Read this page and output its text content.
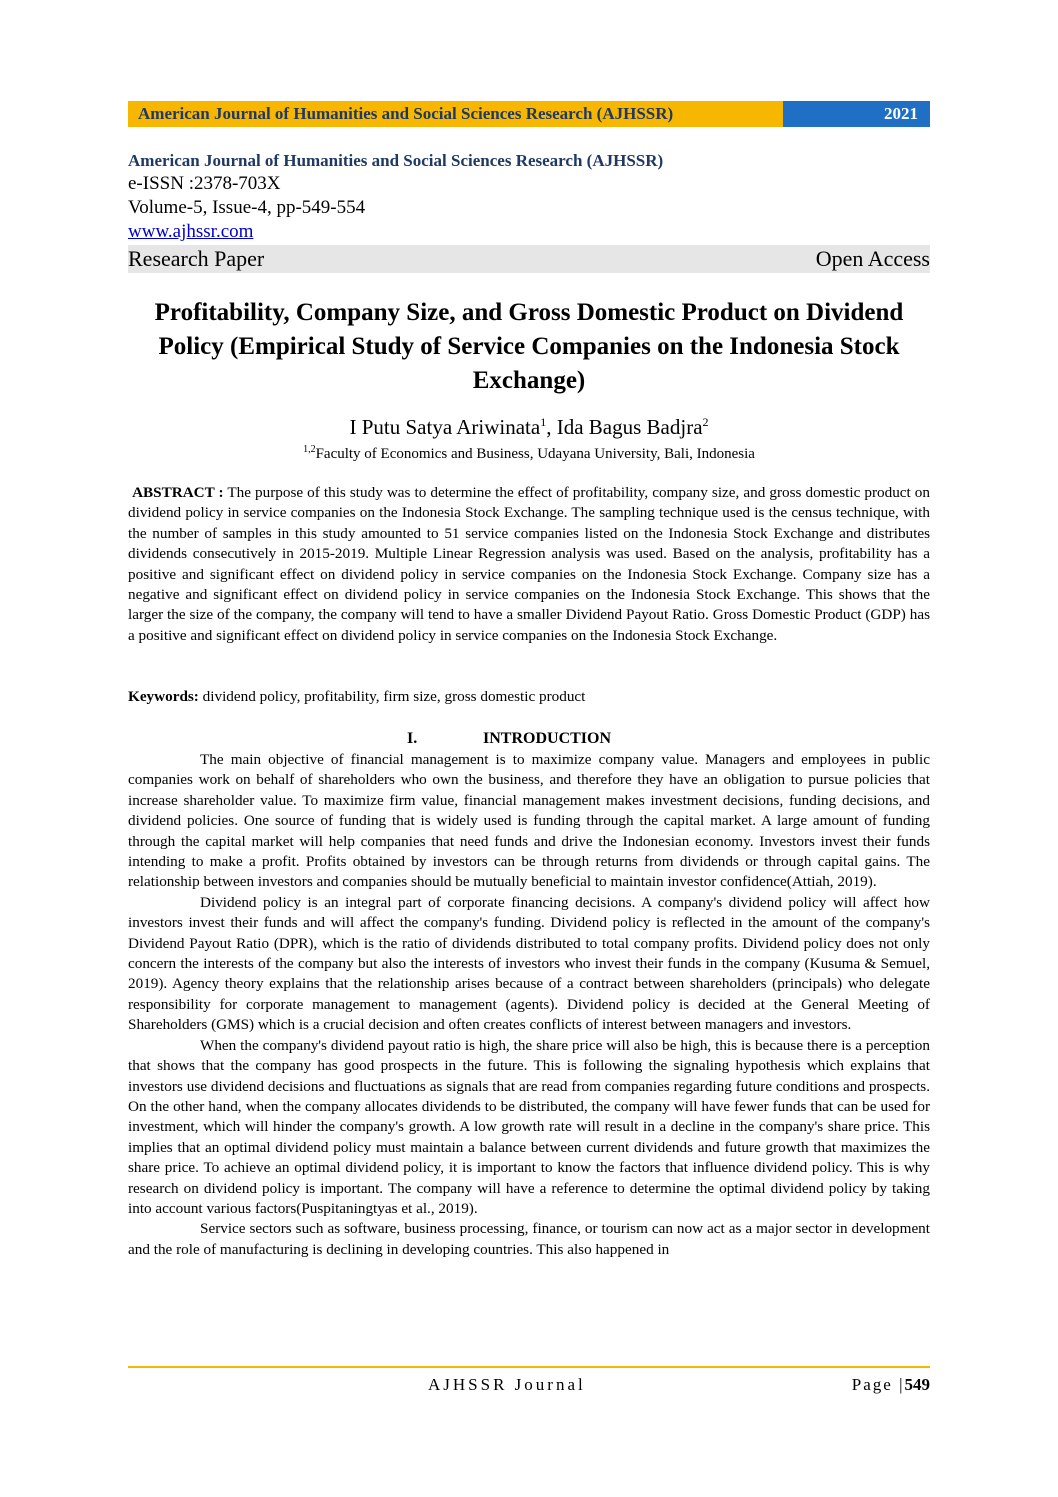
American Journal of Humanities and Social Sciences Research (AJHSSR)	2021
American Journal of Humanities and Social Sciences Research (AJHSSR)
e-ISSN :2378-703X
Volume-5, Issue-4, pp-549-554
www.ajhssr.com
Research Paper	Open Access
Profitability, Company Size, and Gross Domestic Product on Dividend Policy (Empirical Study of Service Companies on the Indonesia Stock Exchange)
I Putu Satya Ariwinata$^1$, Ida Bagus Badjra$^2$
$^{1,2}$Faculty of Economics and Business, Udayana University, Bali, Indonesia
ABSTRACT : The purpose of this study was to determine the effect of profitability, company size, and gross domestic product on dividend policy in service companies on the Indonesia Stock Exchange. The sampling technique used is the census technique, with the number of samples in this study amounted to 51 service companies listed on the Indonesia Stock Exchange and distributes dividends consecutively in 2015-2019. Multiple Linear Regression analysis was used. Based on the analysis, profitability has a positive and significant effect on dividend policy in service companies on the Indonesia Stock Exchange. Company size has a negative and significant effect on dividend policy in service companies on the Indonesia Stock Exchange. This shows that the larger the size of the company, the company will tend to have a smaller Dividend Payout Ratio. Gross Domestic Product (GDP) has a positive and significant effect on dividend policy in service companies on the Indonesia Stock Exchange.
Keywords: dividend policy, profitability, firm size, gross domestic product
I.	INTRODUCTION

The main objective of financial management is to maximize company value. Managers and employees in public companies work on behalf of shareholders who own the business, and therefore they have an obligation to pursue policies that increase shareholder value. To maximize firm value, financial management makes investment decisions, funding decisions, and dividend policies. One source of funding that is widely used is funding through the capital market. A large amount of funding through the capital market will help companies that need funds and drive the Indonesian economy. Investors invest their funds intending to make a profit. Profits obtained by investors can be through returns from dividends or through capital gains. The relationship between investors and companies should be mutually beneficial to maintain investor confidence(Attiah, 2019).

Dividend policy is an integral part of corporate financing decisions. A company's dividend policy will affect how investors invest their funds and will affect the company's funding. Dividend policy is reflected in the amount of the company's Dividend Payout Ratio (DPR), which is the ratio of dividends distributed to total company profits. Dividend policy does not only concern the interests of the company but also the interests of investors who invest their funds in the company (Kusuma & Semuel, 2019). Agency theory explains that the relationship arises because of a contract between shareholders (principals) who delegate responsibility for corporate management to management (agents). Dividend policy is decided at the General Meeting of Shareholders (GMS) which is a crucial decision and often creates conflicts of interest between managers and investors.

When the company's dividend payout ratio is high, the share price will also be high, this is because there is a perception that shows that the company has good prospects in the future. This is following the signaling hypothesis which explains that investors use dividend decisions and fluctuations as signals that are read from companies regarding future conditions and prospects. On the other hand, when the company allocates dividends to be distributed, the company will have fewer funds that can be used for investment, which will hinder the company's growth. A low growth rate will result in a decline in the company's share price. This implies that an optimal dividend policy must maintain a balance between current dividends and future growth that maximizes the share price. To achieve an optimal dividend policy, it is important to know the factors that influence dividend policy. This is why research on dividend policy is important. The company will have a reference to determine the optimal dividend policy by taking into account various factors(Puspitaningtyas et al., 2019).

Service sectors such as software, business processing, finance, or tourism can now act as a major sector in development and the role of manufacturing is declining in developing countries. This also happened in

AJHSSR Journal	Page |549
